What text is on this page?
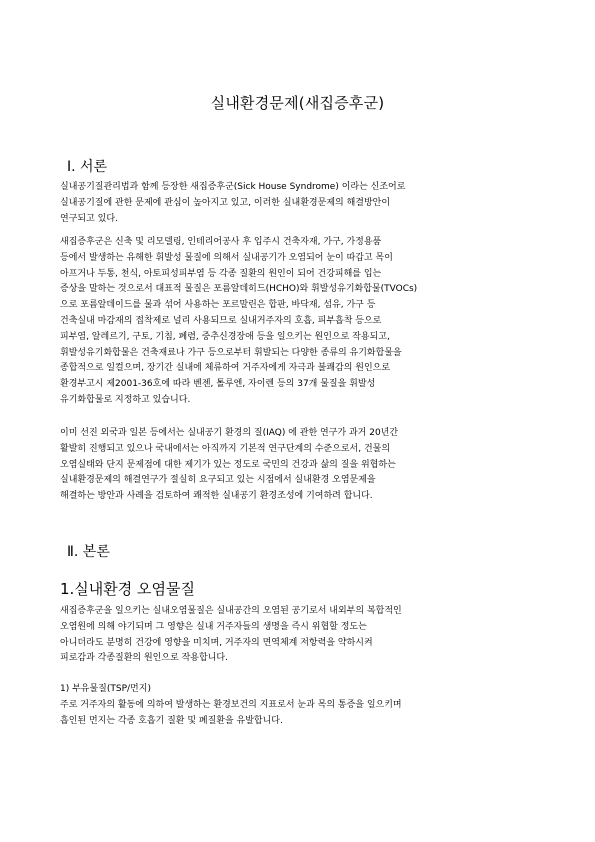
실내환경문제(새집증후군)
Ⅰ. 서론
실내공기질관리법과 함께 등장한 새집증후군(Sick House Syndrome) 이라는 신조어로
실내공기질에 관한 문제에 관심이 높아지고 있고, 이러한 실내환경문제의 해결방안이
연구되고 있다.
새집증후군은 신축 및 리모델링, 인테리어공사 후 입주시 건축자재, 가구, 가정용품
등에서 발생하는 유해한 휘발성 물질에 의해서 실내공기가 오염되어 눈이 따갑고 목이
아프거나 두통, 천식, 아토피성피부염 등 각종 질환의 원인이 되어 건강피해를 입는
증상을 말하는 것으로서 대표적 물질은 포름알데히드(HCHO)와 휘발성유기화합물(TVOCs)
으로 포름알데이드를 물과 섞어 사용하는 포르말린은 합판, 바닥재, 섬유, 가구 등
건축실내 마감재의 접착제로 널리 사용되므로 실내거주자의 호흡, 피부흡착 등으로
피부염, 알레르기, 구토, 기침, 폐렴, 중추신경장애 등을 일으키는 원인으로 작용되고,
휘발성유기화합물은 건축재료나 가구 등으로부터 휘발되는 다양한 종류의 유기화합물을
종합적으로 일컬으며, 장기간 실내에 체류하여 거주자에게 자극과 불쾌감의 원인으로
환경부고시 제2001-36호에 따라 벤젠, 톨루엔, 자이렌 등의 37개 물질을 휘발성
유기화합물로 지정하고 있습니다.
이미 선진 외국과 일본 등에서는 실내공기 환경의 질(IAQ) 에 관한 연구가 과거 20년간
활발히 진행되고 있으나 국내에서는 아직까지 기본적 연구단계의 수준으로서, 건물의
오염실태와 단지 문제점에 대한 제기가 있는 정도로 국민의 건강과 삶의 질을 위협하는
실내환경문제의 해결연구가 절실히 요구되고 있는 시점에서 실내환경 오염문제을
해결하는 방안과 사례을 검토하여 쾌적한 실내공기 환경조성에 기여하려 합니다.
Ⅱ. 본론
1.실내환경 오염물질
새집증후군을 일으키는 실내오염물질은 실내공간의 오염된 공기로서 내외부의 복합적인
오염원에 의해 야기되며 그 영향은 실내 거주자들의 생명을 즉시 위협할 정도는
아니더라도 분명히 건강에 영향을 미치며, 거주자의 면역체계 저항력을 약하시켜
피로감과 각종질환의 원인으로 작용합니다.
1) 부유물질(TSP/먼지)
주로 거주자의 활동에 의하여 발생하는 환경보건의 지표로서 눈과 목의 통증을 일으키며
흡인된 먼지는 각종 호흡기 질환 및 폐질환을 유발합니다.
